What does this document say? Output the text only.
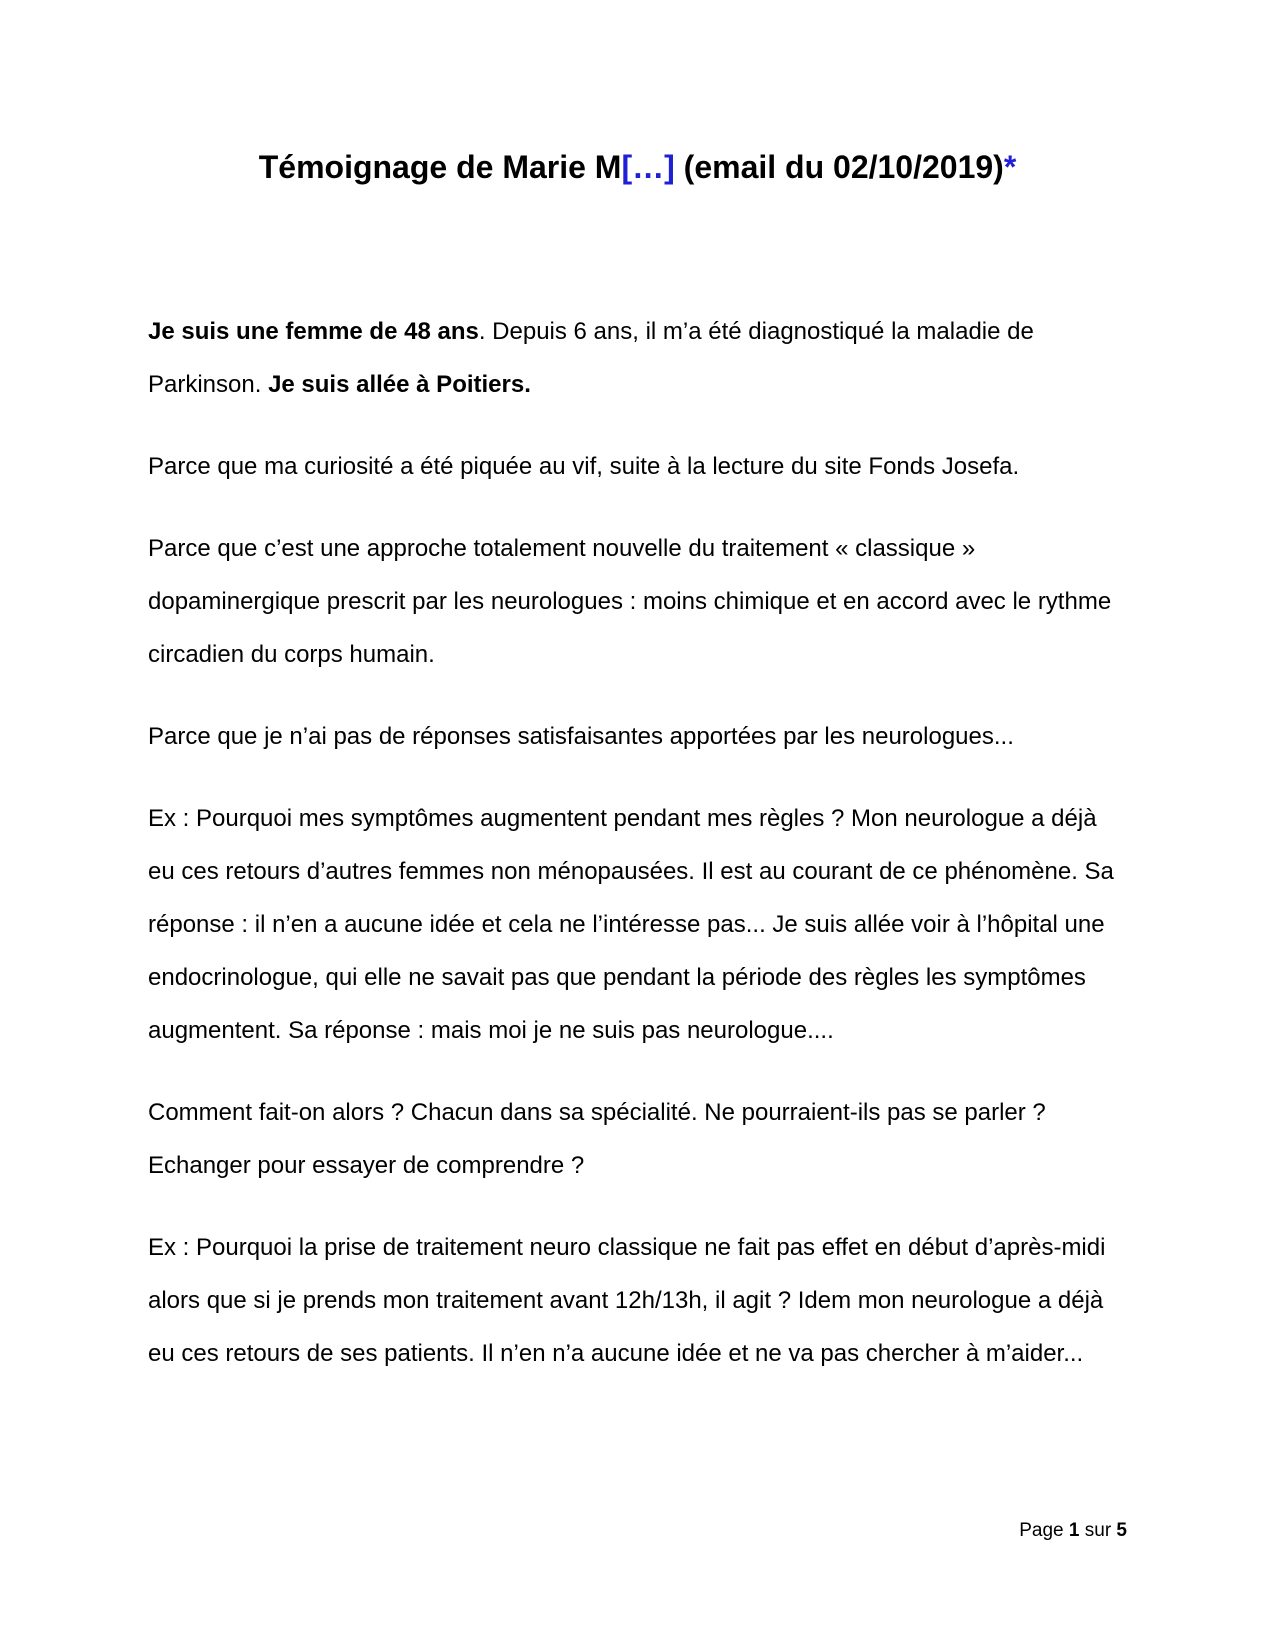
Témoignage de Marie M[…] (email du 02/10/2019)*

Je suis une femme de 48 ans. Depuis 6 ans, il m’a été diagnostiqué la maladie de Parkinson. Je suis allée à Poitiers.

Parce que ma curiosité a été piquée au vif, suite à la lecture du site Fonds Josefa.

Parce que c’est une approche totalement nouvelle du traitement « classique » dopaminergique prescrit par les neurologues : moins chimique et en accord avec le rythme circadien du corps humain.

Parce que je n’ai pas de réponses satisfaisantes apportées par les neurologues...

Ex : Pourquoi mes symptômes augmentent pendant mes règles ? Mon neurologue a déjà eu ces retours d’autres femmes non ménopausées. Il est au courant de ce phénomène. Sa réponse : il n’en a aucune idée et cela ne l’intéresse pas... Je suis allée voir à l’hôpital une endocrinologue, qui elle ne savait pas que pendant la période des règles les symptômes augmentent. Sa réponse : mais moi je ne suis pas neurologue....

Comment fait-on alors ? Chacun dans sa spécialité. Ne pourraient-ils pas se parler ? Echanger pour essayer de comprendre ?

Ex : Pourquoi la prise de traitement neuro classique ne fait pas effet en début d’après-midi alors que si je prends mon traitement avant 12h/13h, il agit ? Idem mon neurologue a déjà eu ces retours de ses patients. Il n’en n’a aucune idée et ne va pas chercher à m’aider...

Page 1 sur 5
